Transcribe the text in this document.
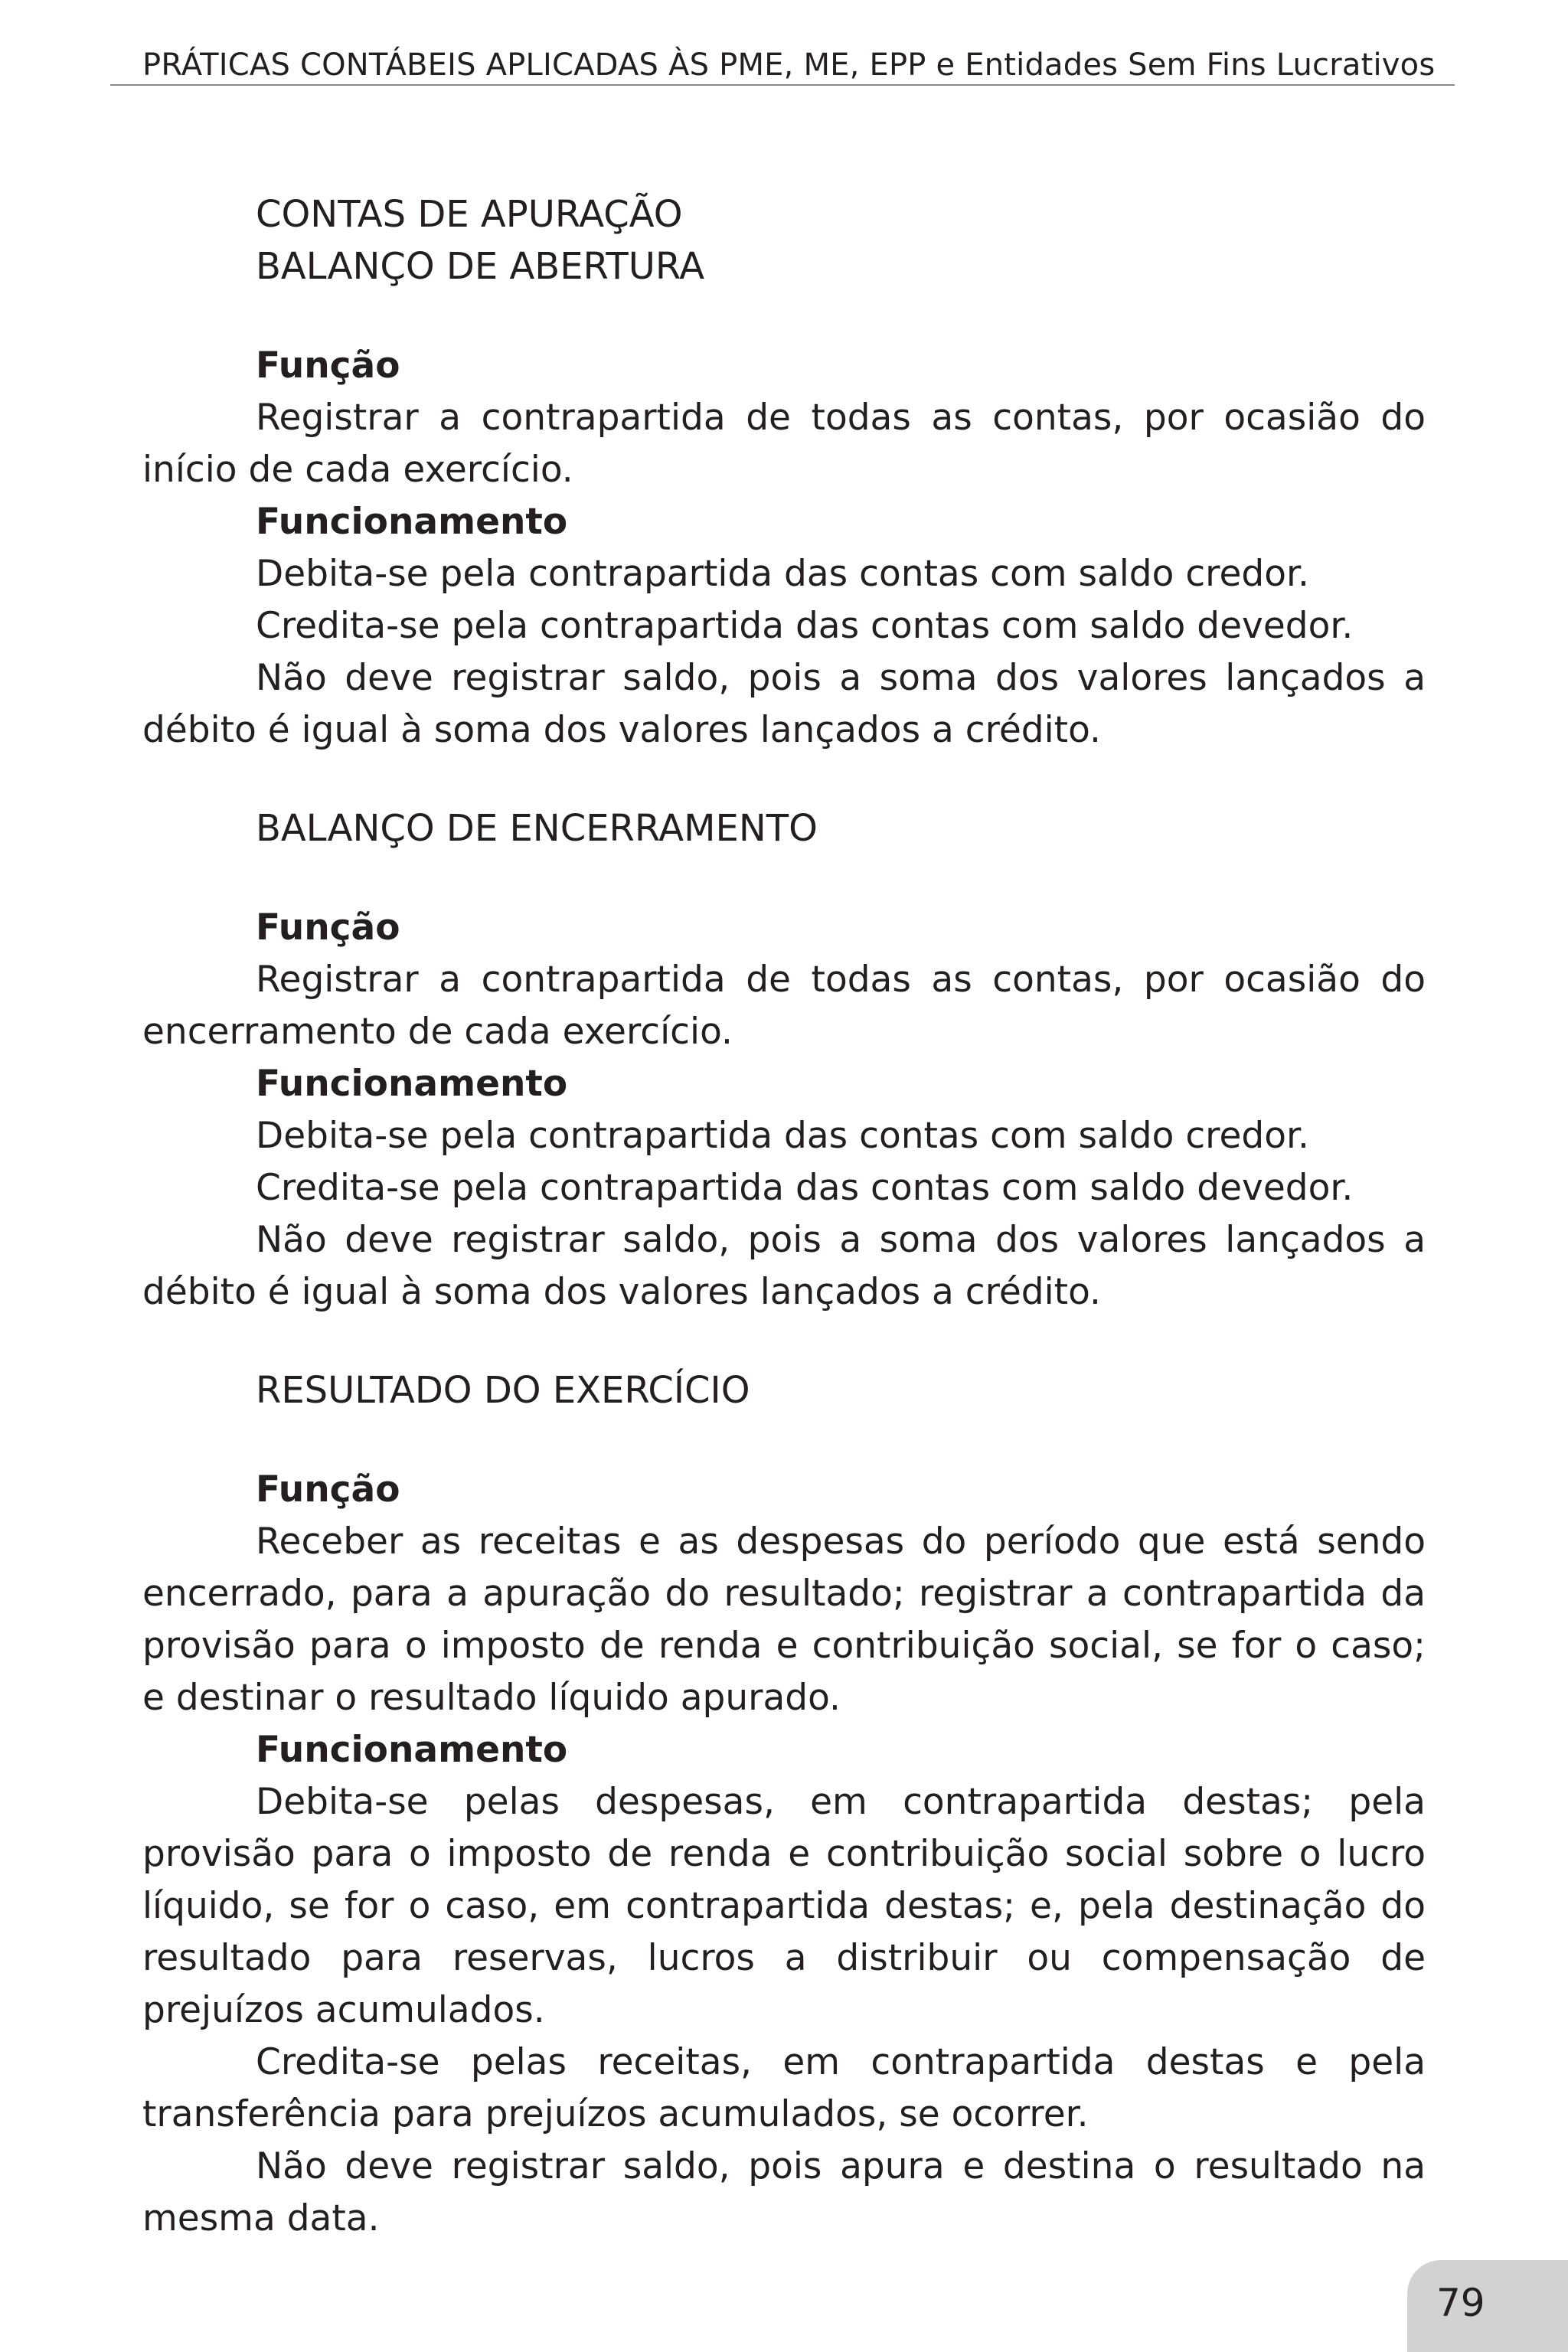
PRÁTICAS CONTÁBEIS APLICADAS ÀS PME, ME, EPP e Entidades Sem Fins Lucrativos
CONTAS DE APURAÇÃO
BALANÇO DE ABERTURA
Função

Registrar a contrapartida de todas as contas, por ocasião do início de cada exercício.

Funcionamento

Debita-se pela contrapartida das contas com saldo credor.

Credita-se pela contrapartida das contas com saldo devedor.

Não deve registrar saldo, pois a soma dos valores lançados a débito é igual à soma dos valores lançados a crédito.

BALANÇO DE ENCERRAMENTO
Função

Registrar a contrapartida de todas as contas, por ocasião do encerramento de cada exercício.

Funcionamento

Debita-se pela contrapartida das contas com saldo credor.

Credita-se pela contrapartida das contas com saldo devedor.

Não deve registrar saldo, pois a soma dos valores lançados a débito é igual à soma dos valores lançados a crédito.

RESULTADO DO EXERCÍCIO
Função

Receber as receitas e as despesas do período que está sendo encerrado, para a apuração do resultado; registrar a contrapartida da provisão para o imposto de renda e contribuição social, se for o caso; e destinar o resultado líquido apurado.

Funcionamento

Debita-se pelas despesas, em contrapartida destas; pela provisão para o imposto de renda e contribuição social sobre o lucro líquido, se for o caso, em contrapartida destas; e, pela destinação do resultado para reservas, lucros a distribuir ou compensação de prejuízos acumulados.

Credita-se pelas receitas, em contrapartida destas e pela transferência para prejuízos acumulados, se ocorrer.

Não deve registrar saldo, pois apura e destina o resultado na mesma data.

79
